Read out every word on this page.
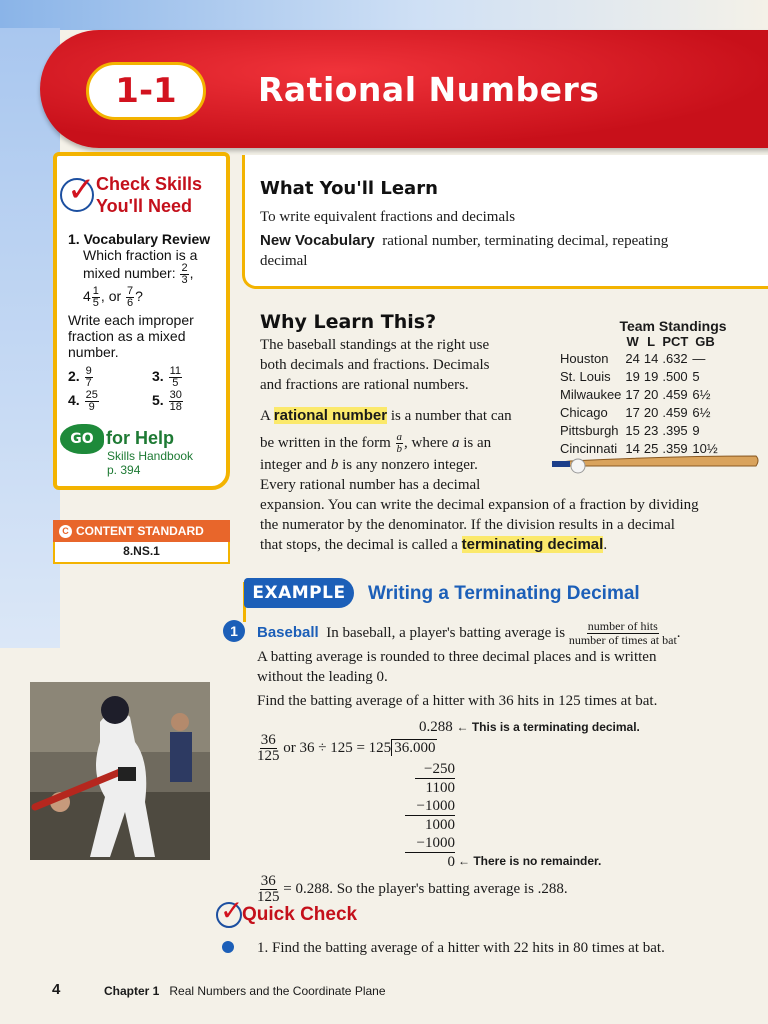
1-1	Rational Numbers
✓ Check Skills
You'll Need
1. Vocabulary Review
Which fraction is a
mixed number: $\frac{2}{3}$ ,
$4 \frac{1}{5}$ , or $\frac{7}{6}$ ?
Write each improper
fraction as a mixed
number.
2. $\frac{9}{7}$	3. $\frac{11}{5}$
4. $\frac{25}{9}$	5. $\frac{30}{18}$
GO for Help
Skills Handbook
p. 394
C CONTENT STANDARD
8.NS.1
What You'll Learn
To write equivalent fractions and decimals
New Vocabulary rational number, terminating decimal, repeating
decimal
Why Learn This?
The baseball standings at the right use
both decimals and fractions. Decimals
and fractions are rational numbers.
A rational number is a number that can
be written in the form $\frac{a}{b}$ , where a is an
integer and b is any nonzero integer.
Every rational number has a decimal
expansion. You can write the decimal expansion of a fraction by dividing
the numerator by the denominator. If the division results in a decimal
that stops, the decimal is called a terminating decimal.
Team Standings
	W	L	PCT	GB
Houston	24	14	.632	—
St. Louis	19	19	.500	5
Milwaukee	17	20	.459	6½
Chicago	17	20	.459	6½
Pittsburgh	15	23	.395	9
Cincinnati	14	25	.359	10½
EXAMPLE	Writing a Terminating Decimal
1	Baseball In baseball, a player's batting average is number of hits
number of times at bat .
A batting average is rounded to three decimal places and is written
without the leading 0.
Find the batting average of a hitter with 36 hits in 125 times at bat.
0.288 ← This is a terminating decimal.
$\frac{36}{125}$ or 36 ÷ 125 = 125 36.000
−250
1100
−1000
1000
−1000
0 ← There is no remainder.
$\frac{36}{125} = 0.288$. So the player's batting average is .288.
✓
Quick Check
1. Find the batting average of a hitter with 22 hits in 80 times at bat.
4	Chapter 1 Real Numbers and the Coordinate Plane
